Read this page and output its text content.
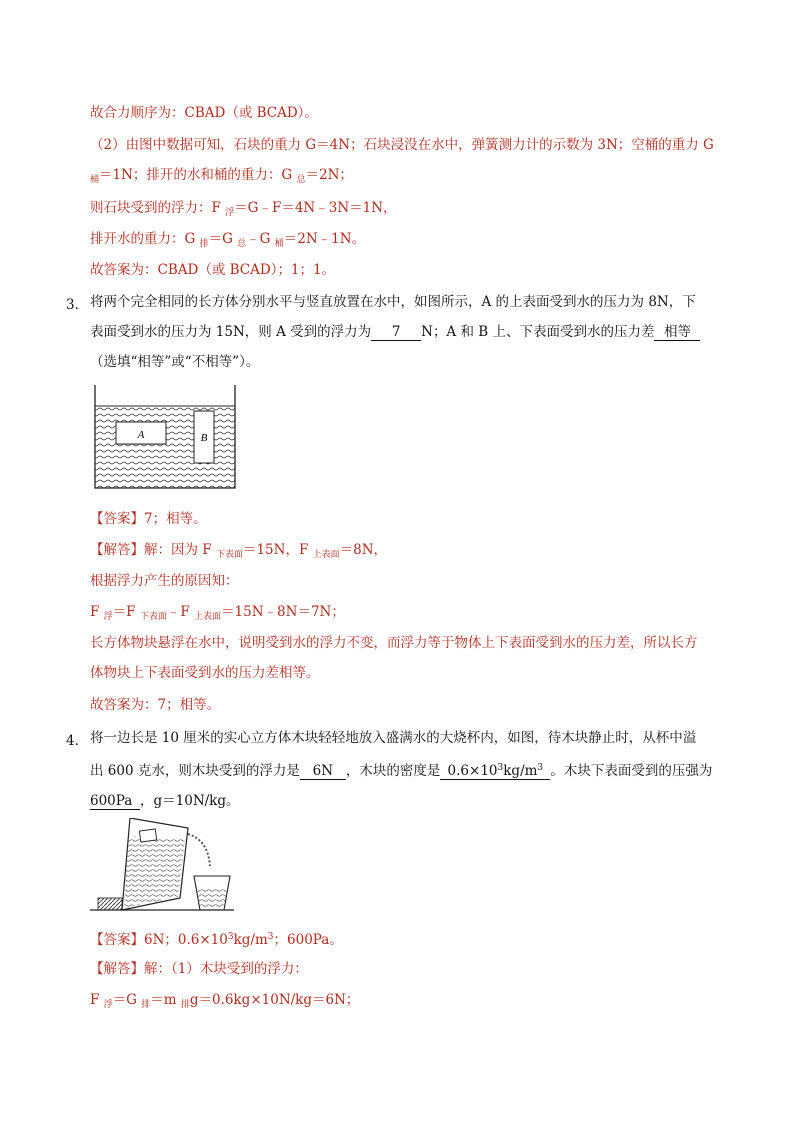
故合力顺序为：CBAD（或 BCAD）。
（2）由图中数据可知，石块的重力 G＝4N；石块浸没在水中，弹簧测力计的示数为 3N；空桶的重力 G
$_桶$＝1N；排开的水和桶的重力：G $_总$＝2N；
则石块受到的浮力：F $_浮$＝G﹣F＝4N﹣3N＝1N，
排开水的重力：G $_排$＝G $_总$﹣G $_桶$＝2N﹣1N。
故答案为：CBAD（或 BCAD）；1；1。
3． 将两个完全相同的长方体分别水平与竖直放置在水中，如图所示，A 的上表面受到水的压力为 8N，下
表面受到水的压力为 15N，则 A 受到的浮力为 7 N；A 和 B 上、下表面受到水的压力差 相等
（选填“相等”或“不相等”）。
A	B
【答案】7；相等。
【解答】解：因为 F $_{下表面}$＝15N，F $_{上表面}$＝8N，
根据浮力产生的原因知：
F $_浮$＝F $_{下表面}$﹣F $_{上表面}$＝15N﹣8N＝7N；
长方体物块悬浮在水中，说明受到水的浮力不变，而浮力等于物体上下表面受到水的压力差，所以长方
体物块上下表面受到水的压力差相等。
故答案为：7；相等。
4． 将一边长是 10 厘米的实心立方体木块轻轻地放入盛满水的大烧杯内，如图，待木块静止时，从杯中溢
出 600 克水，则木块受到的浮力是 6N ，木块的密度是 $0.6\times 10^3kg/m^3$ 。木块下表面受到的压强为
600Pa ，g＝10N/kg。
【答案】6N；$0.6\times 10^3kg/m^3$；600Pa。
【解答】解：（1）木块受到的浮力：
F $_浮$＝G $_排$＝m $_排$g＝0.6kg×10N/kg＝6N；
